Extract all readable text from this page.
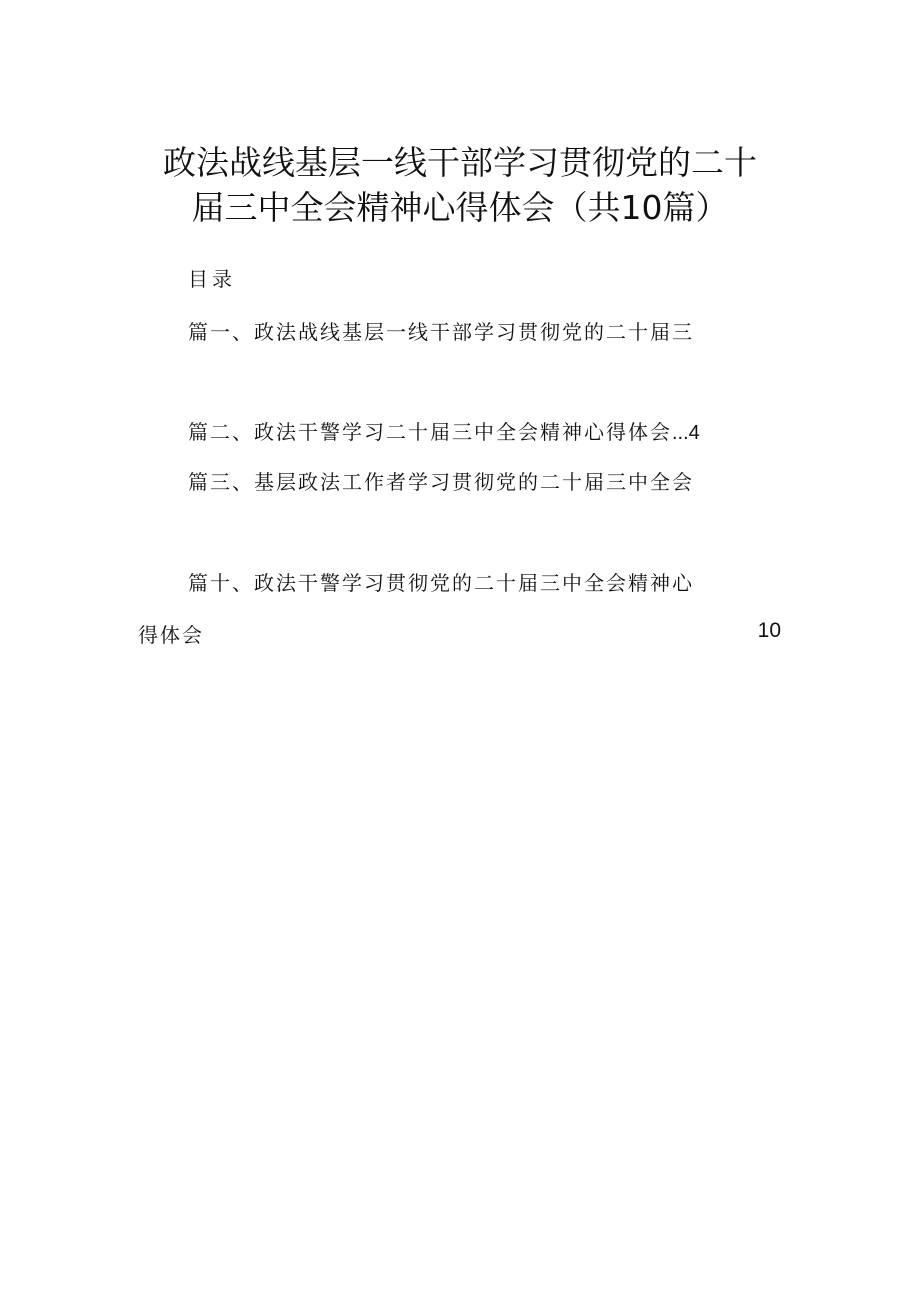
政法战线基层一线干部学习贯彻党的二十
届三中全会精神心得体会（共10篇）
目录
篇一、政法战线基层一线干部学习贯彻党的二十届三
篇二、政法干警学习二十届三中全会精神心得体会...4
篇三、基层政法工作者学习贯彻党的二十届三中全会
篇十、政法干警学习贯彻党的二十届三中全会精神心
得体会	10
